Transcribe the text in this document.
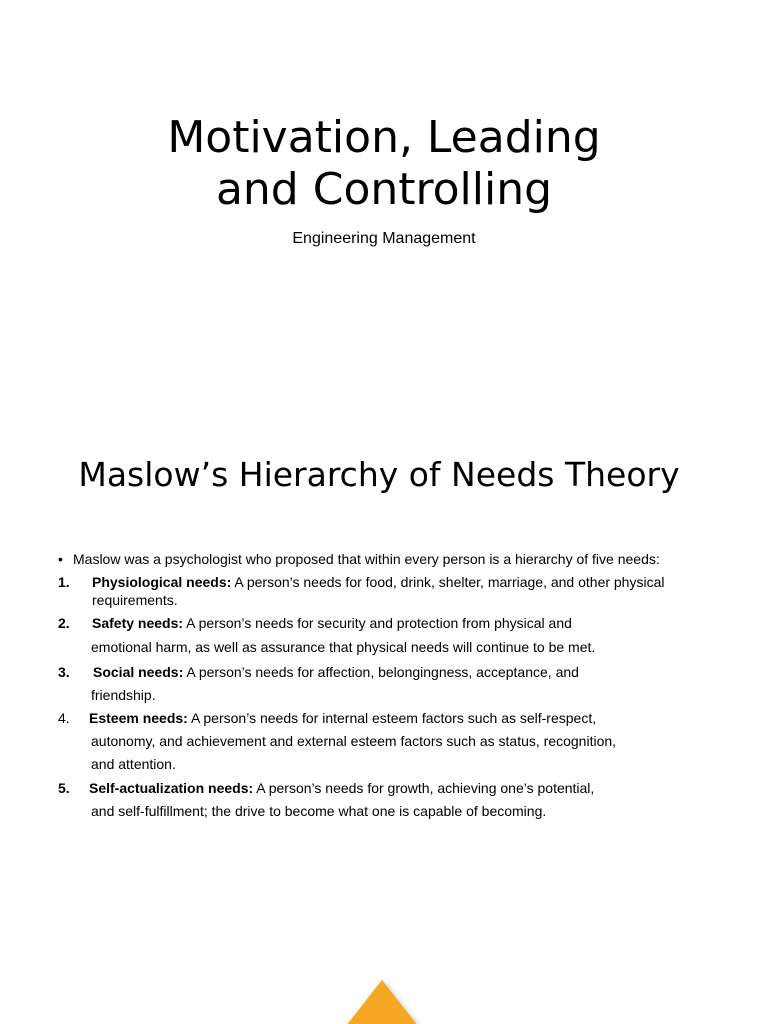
Motivation, Leading
and Controlling

Engineering Management

Maslow’s Hierarchy of Needs Theory

• Maslow was a psychologist who proposed that within every person is a hierarchy of five needs:

1.	Physiological needs: A person’s needs for food, drink, shelter, marriage, and other physical
requirements.
2.	Safety needs: A person’s needs for security and protection from physical and
emotional harm, as well as assurance that physical needs will continue to be met.
3.	Social needs: A person’s needs for affection, belongingness, acceptance, and
friendship.
4.	Esteem needs: A person’s needs for internal esteem factors such as self-respect,
autonomy, and achievement and external esteem factors such as status, recognition,
and attention.
5.	Self-actualization needs: A person’s needs for growth, achieving one’s potential,
and self-fulfillment; the drive to become what one is capable of becoming.
